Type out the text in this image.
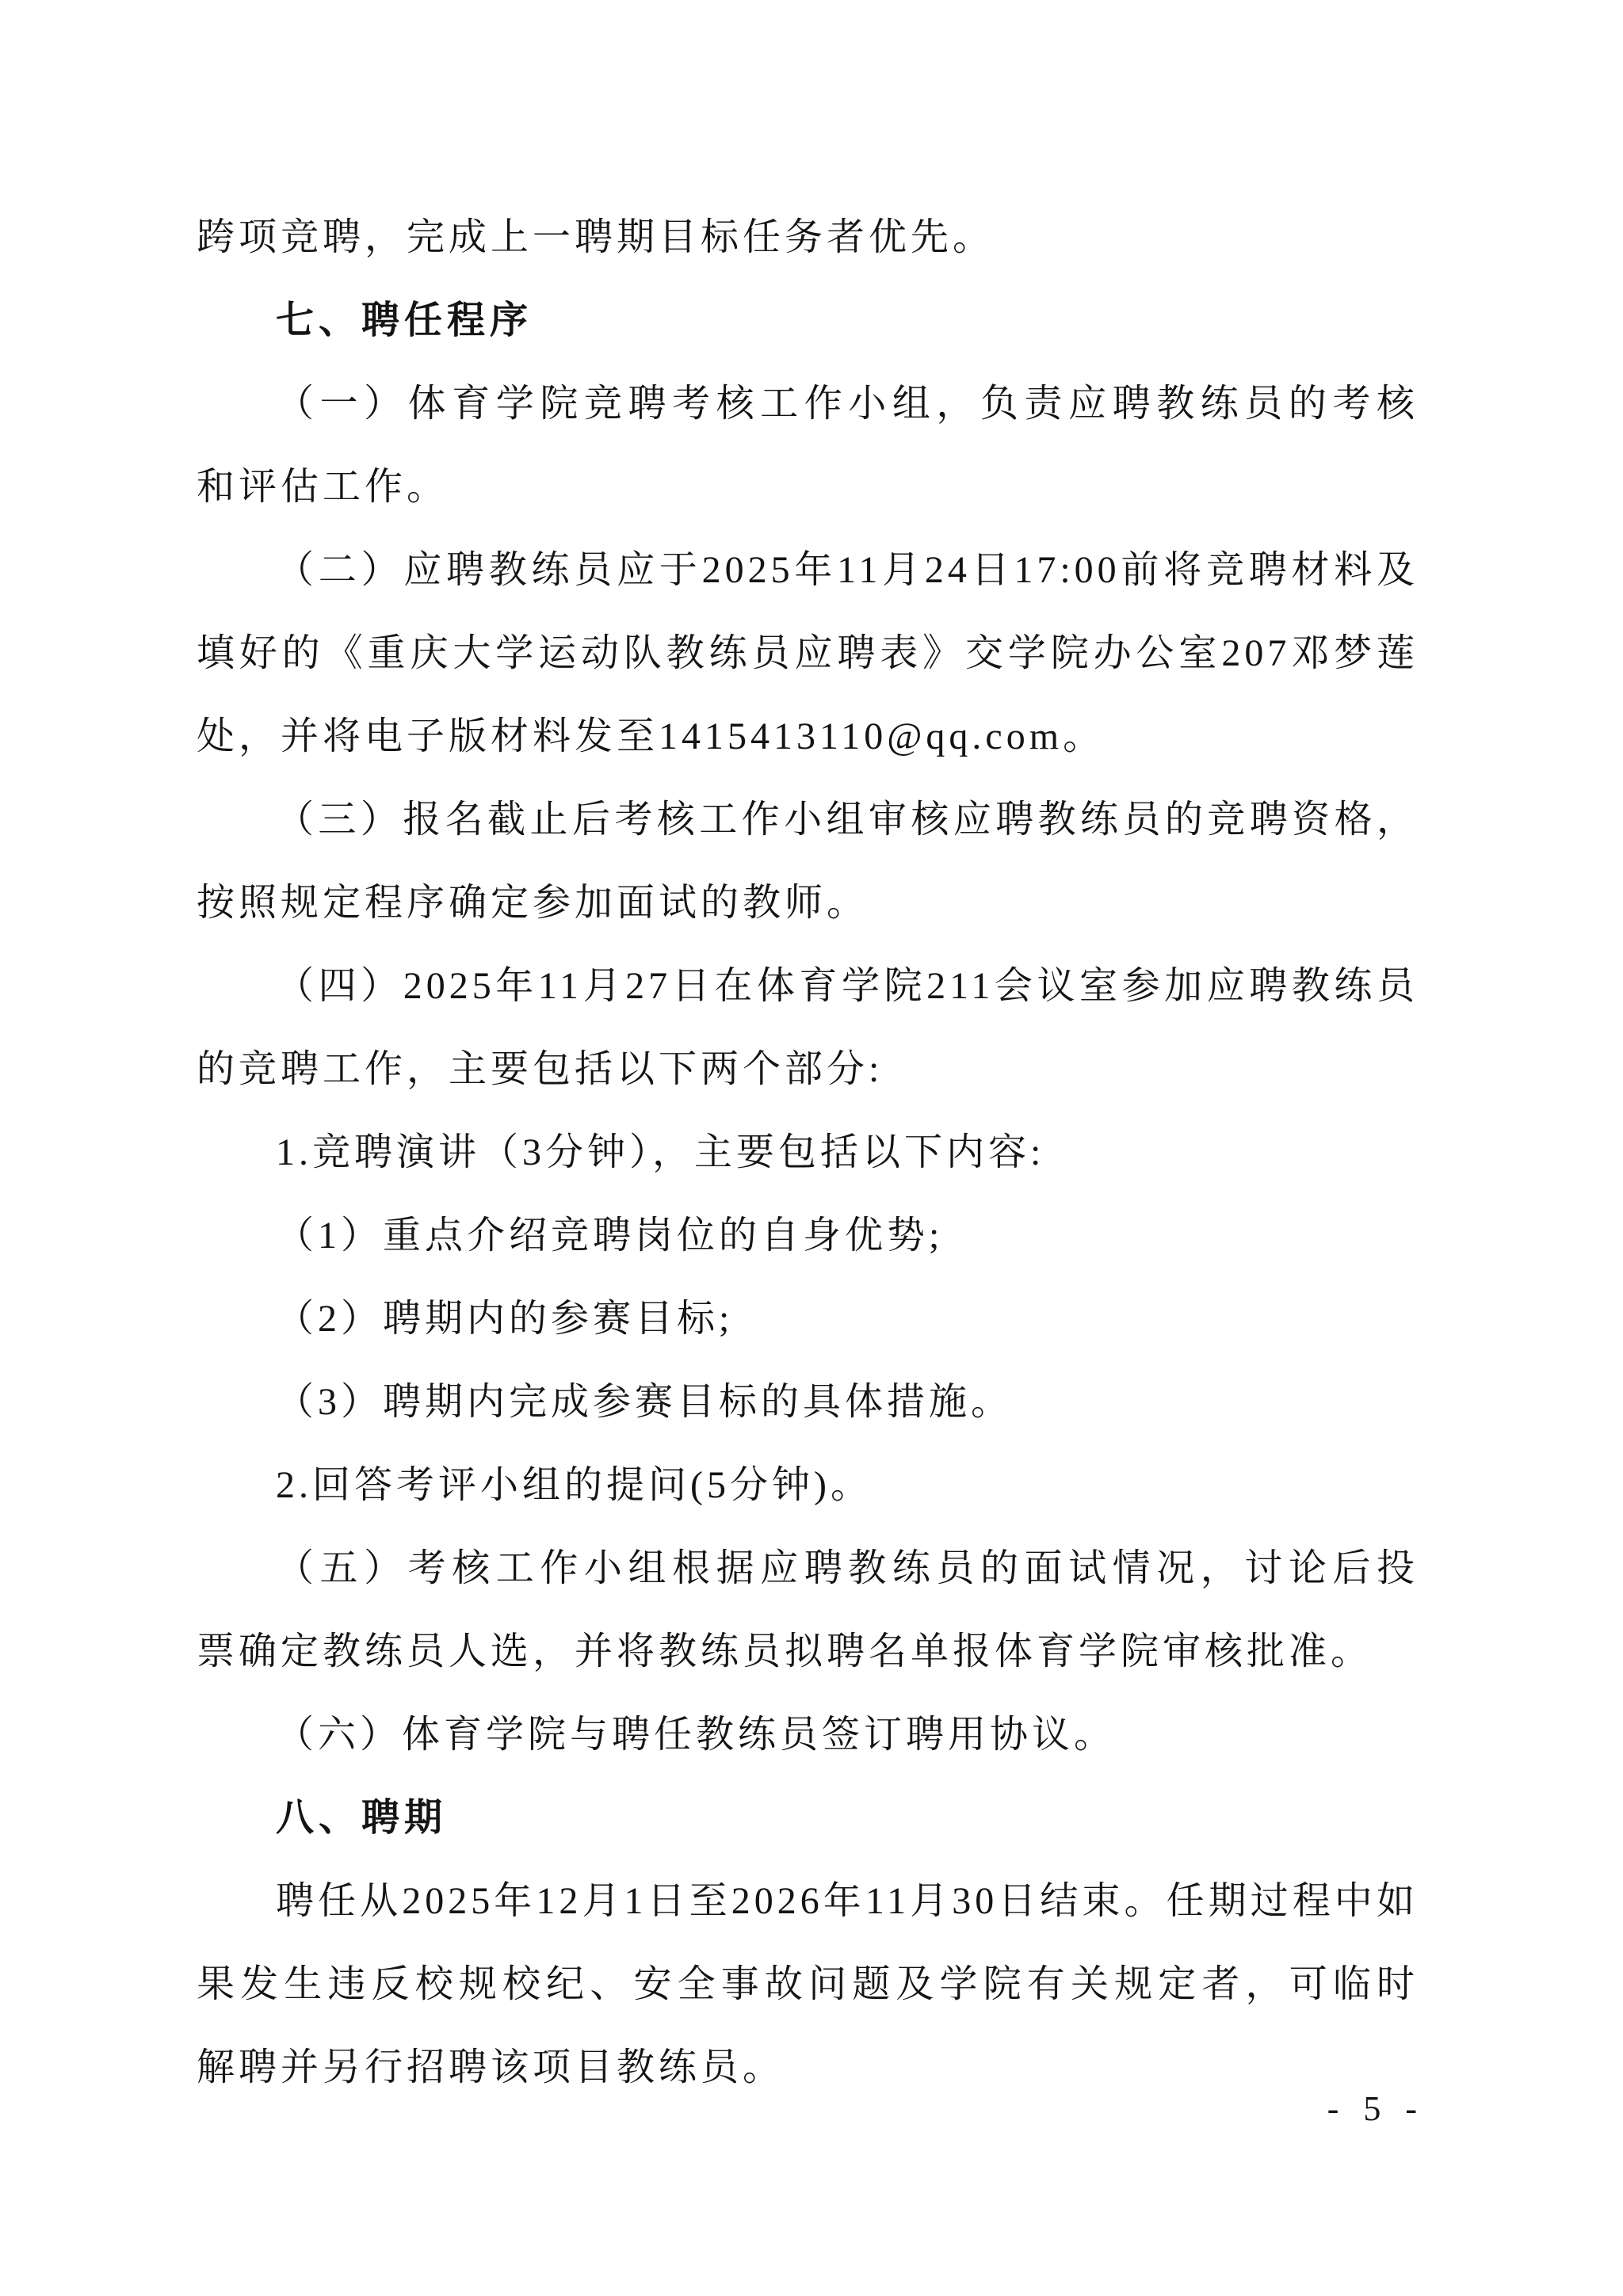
跨项竞聘，完成上一聘期目标任务者优先。
七、聘任程序
（一）体育学院竞聘考核工作小组，负责应聘教练员的考核
和评估工作。
（二）应聘教练员应于2025年11月24日17:00前将竞聘材料及
填好的《重庆大学运动队教练员应聘表》交学院办公室207邓梦莲
处，并将电子版材料发至1415413110@qq.com。
（三）报名截止后考核工作小组审核应聘教练员的竞聘资格，
按照规定程序确定参加面试的教师。
（四）2025年11月27日在体育学院211会议室参加应聘教练员
的竞聘工作，主要包括以下两个部分:
1.竞聘演讲（3分钟），主要包括以下内容:
（1）重点介绍竞聘岗位的自身优势;
（2）聘期内的参赛目标;
（3）聘期内完成参赛目标的具体措施。
2.回答考评小组的提问(5分钟)。
（五）考核工作小组根据应聘教练员的面试情况，讨论后投
票确定教练员人选，并将教练员拟聘名单报体育学院审核批准。
（六）体育学院与聘任教练员签订聘用协议。
八、聘期
聘任从2025年12月1日至2026年11月30日结束。任期过程中如
果发生违反校规校纪、安全事故问题及学院有关规定者，可临时
解聘并另行招聘该项目教练员。
- 5 -
